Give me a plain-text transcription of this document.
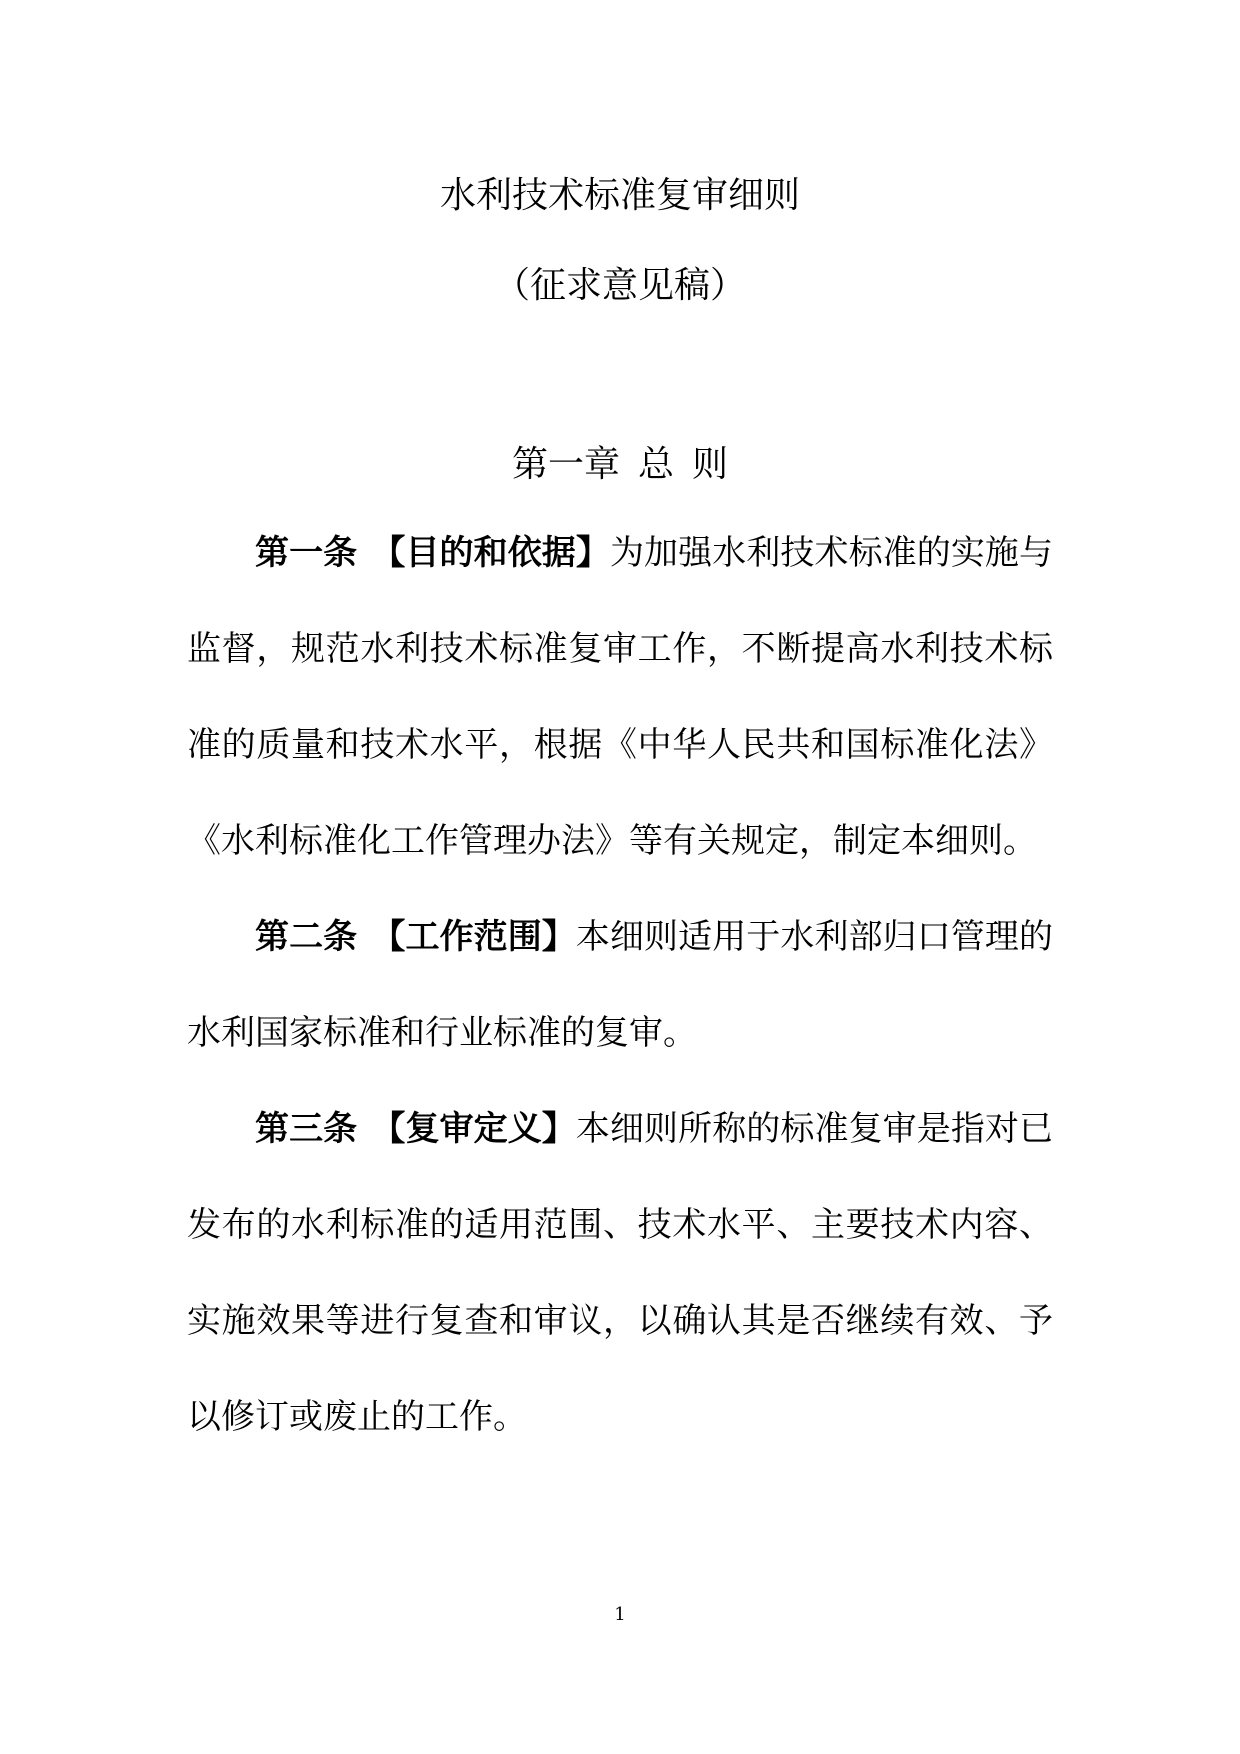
水利技术标准复审细则
（征求意见稿）
第一章 总 则

第一条 【目的和依据】为加强水利技术标准的实施与监督，规范水利技术标准复审工作，不断提高水利技术标准的质量和技术水平，根据《中华人民共和国标准化法》《水利标准化工作管理办法》等有关规定，制定本细则。

第二条 【工作范围】本细则适用于水利部归口管理的水利国家标准和行业标准的复审。

第三条 【复审定义】本细则所称的标准复审是指对已发布的水利标准的适用范围、技术水平、主要技术内容、实施效果等进行复查和审议，以确认其是否继续有效、予以修订或废止的工作。

1
